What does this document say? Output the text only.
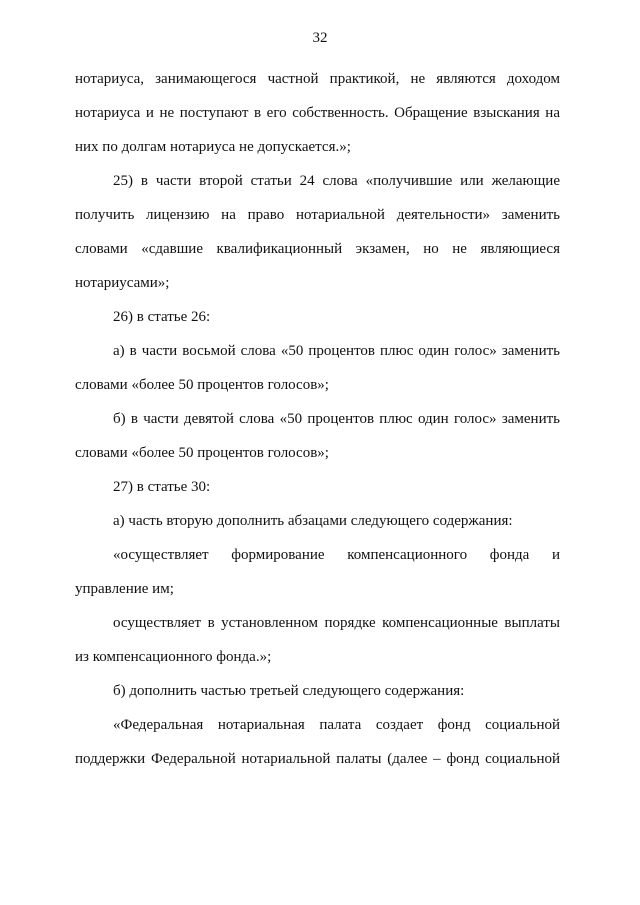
32
нотариуса, занимающегося частной практикой, не являются доходом
нотариуса и не поступают в его собственность. Обращение взыскания на
них по долгам нотариуса не допускается.»;
25) в части второй статьи 24 слова «получившие или желающие
получить лицензию на право нотариальной деятельности» заменить
словами «сдавшие квалификационный экзамен, но не являющиеся
нотариусами»;
26) в статье 26:
а) в части восьмой слова «50 процентов плюс один голос» заменить
словами «более 50 процентов голосов»;
б) в части девятой слова «50 процентов плюс один голос» заменить
словами «более 50 процентов голосов»;
27) в статье 30:
а) часть вторую дополнить абзацами следующего содержания:
«осуществляет формирование компенсационного фонда и
управление им;
осуществляет в установленном порядке компенсационные выплаты
из компенсационного фонда.»;
б) дополнить частью третьей следующего содержания:
«Федеральная нотариальная палата создает фонд социальной
поддержки Федеральной нотариальной палаты (далее – фонд социальной
